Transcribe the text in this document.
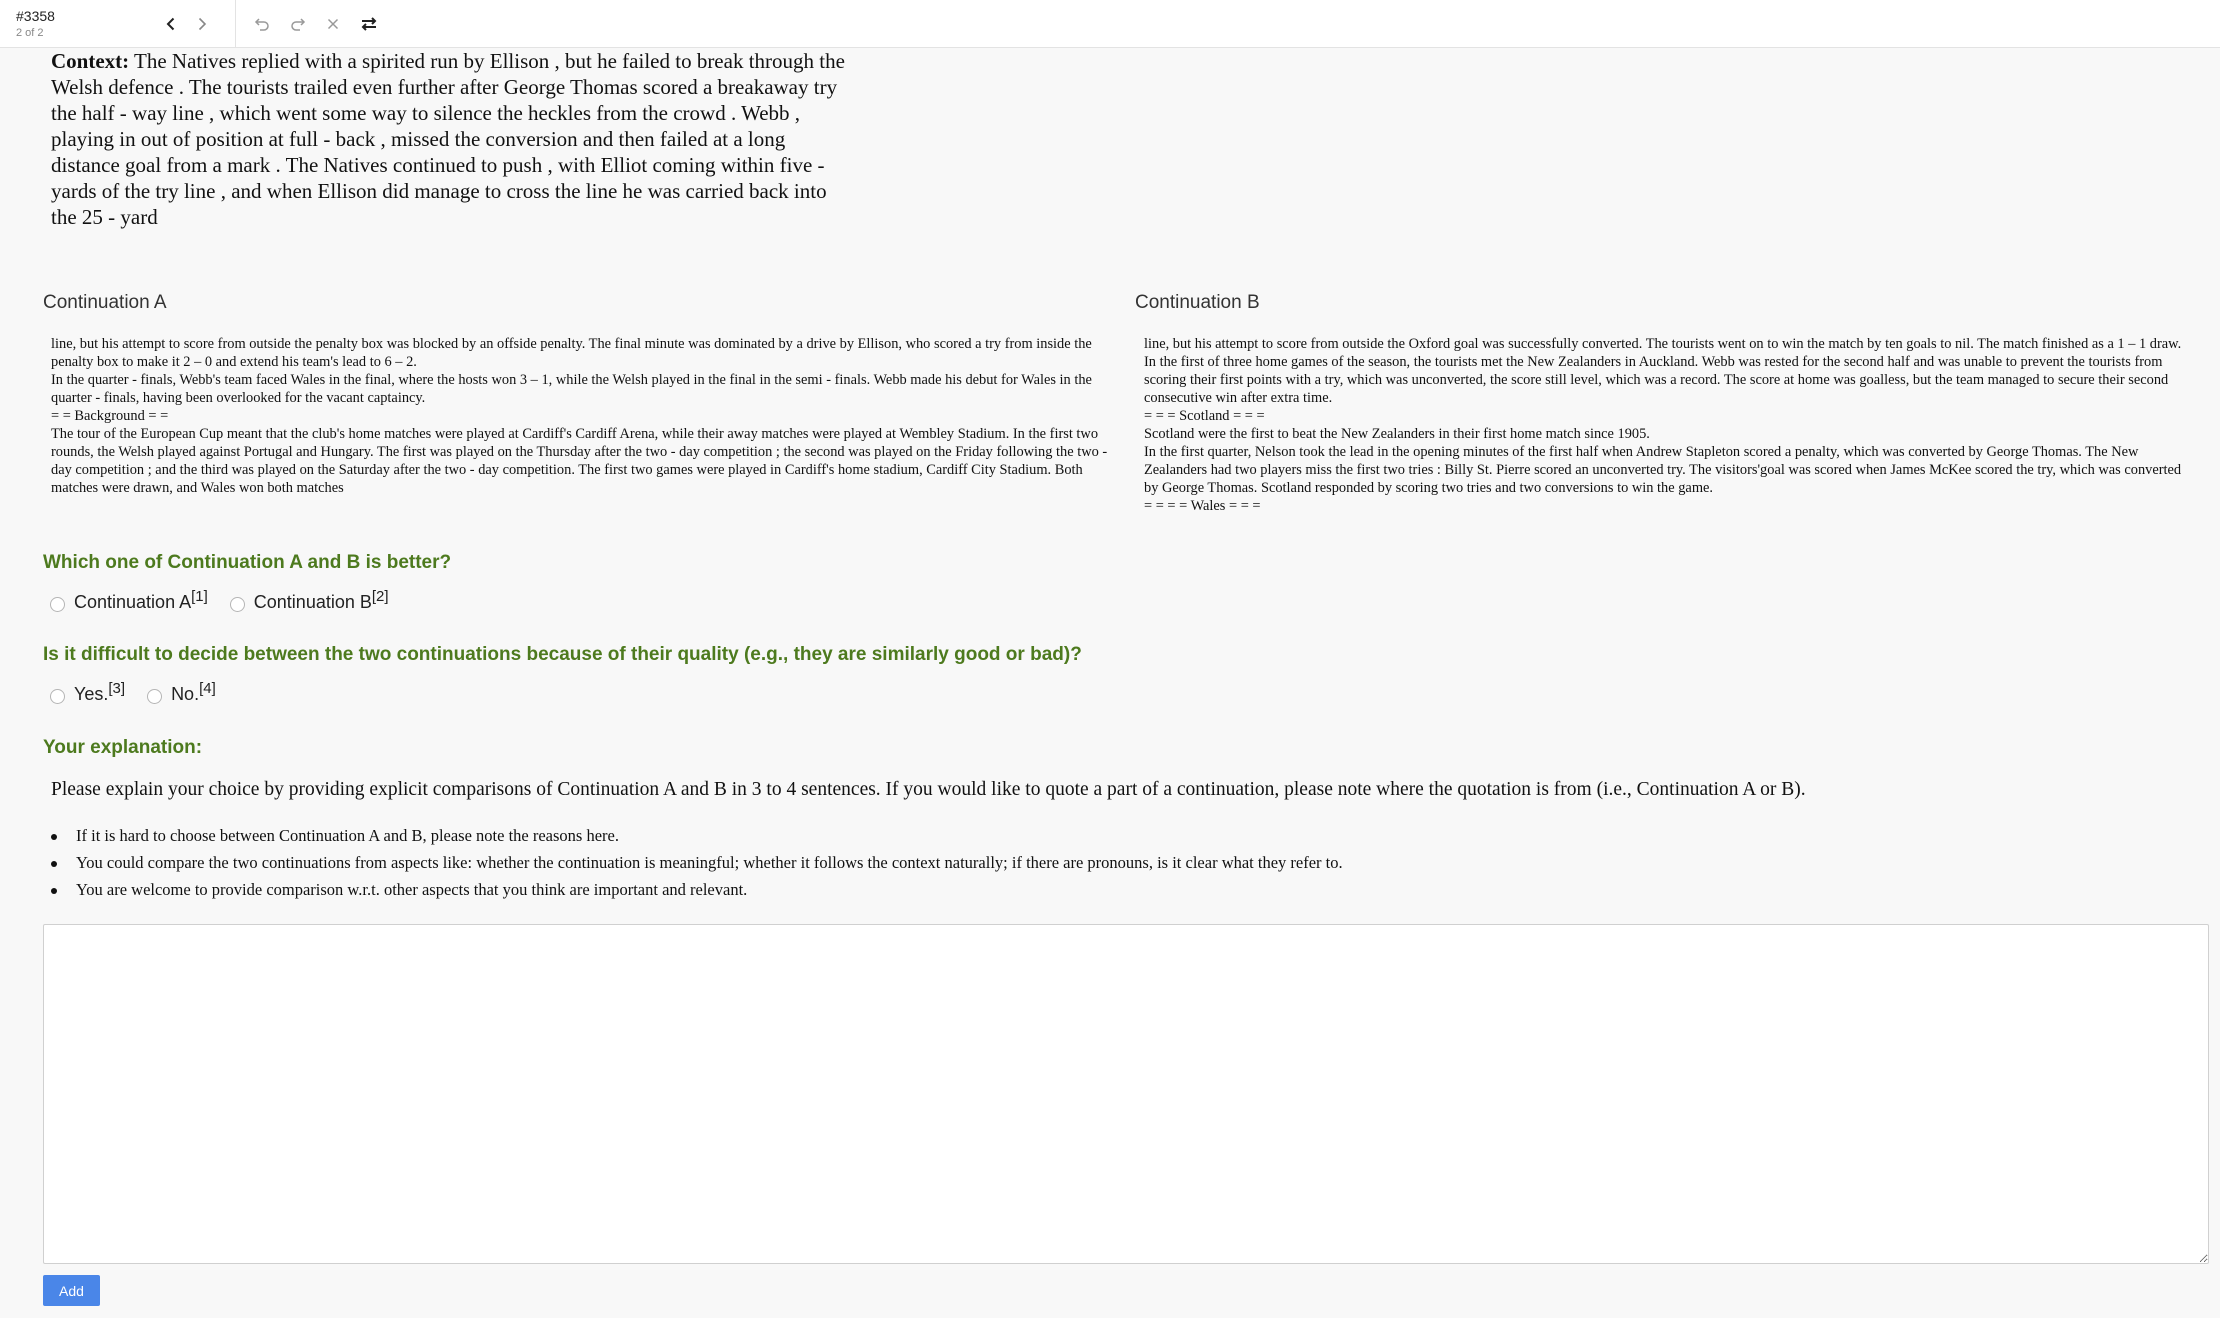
#3358
2 of 2
Context: The Natives replied with a spirited run by Ellison , but he failed to break through the Welsh defence . The tourists trailed even further after George Thomas scored a breakaway try the half - way line , which went some way to silence the heckles from the crowd . Webb , playing in out of position at full - back , missed the conversion and then failed at a long distance goal from a mark . The Natives continued to push , with Elliot coming within five - yards of the try line , and when Ellison did manage to cross the line he was carried back into the 25 - yard
Continuation A

line, but his attempt to score from outside the penalty box was blocked by an offside penalty. The final minute was dominated by a drive by Ellison, who scored a try from inside the penalty box to make it 2 – 0 and extend his team's lead to 6 – 2.

In the quarter - finals, Webb's team faced Wales in the final, where the hosts won 3 – 1, while the Welsh played in the final in the semi - finals. Webb made his debut for Wales in the quarter - finals, having been overlooked for the vacant captaincy.

= = Background = =

The tour of the European Cup meant that the club's home matches were played at Cardiff's Cardiff Arena, while their away matches were played at Wembley Stadium. In the first two rounds, the Welsh played against Portugal and Hungary. The first was played on the Thursday after the two - day competition ; the second was played on the Friday following the two - day competition ; and the third was played on the Saturday after the two - day competition. The first two games were played in Cardiff's home stadium, Cardiff City Stadium. Both matches were drawn, and Wales won both matches

Continuation B

line, but his attempt to score from outside the Oxford goal was successfully converted. The tourists went on to win the match by ten goals to nil. The match finished as a 1 – 1 draw.

In the first of three home games of the season, the tourists met the New Zealanders in Auckland. Webb was rested for the second half and was unable to prevent the tourists from scoring their first points with a try, which was unconverted, the score still level, which was a record. The score at home was goalless, but the team managed to secure their second consecutive win after extra time.

= = = Scotland = = =

Scotland were the first to beat the New Zealanders in their first home match since 1905.

In the first quarter, Nelson took the lead in the opening minutes of the first half when Andrew Stapleton scored a penalty, which was converted by George Thomas. The New Zealanders had two players miss the first two tries : Billy St. Pierre scored an unconverted try. The visitors'goal was scored when James McKee scored the try, which was converted by George Thomas. Scotland responded by scoring two tries and two conversions to win the game.

= = = = Wales = = =

Which one of Continuation A and B is better?
Continuation A[1]	Continuation B[2]
Is it difficult to decide between the two continuations because of their quality (e.g., they are similarly good or bad)?
Yes.[3]	No.[4]
Your explanation:
Please explain your choice by providing explicit comparisons of Continuation A and B in 3 to 4 sentences. If you would like to quote a part of a continuation, please note where the quotation is from (i.e., Continuation A or B).
If it is hard to choose between Continuation A and B, please note the reasons here.
You could compare the two continuations from aspects like: whether the continuation is meaningful; whether it follows the context naturally; if there are pronouns, is it clear what they refer to.
You are welcome to provide comparison w.r.t. other aspects that you think are important and relevant.
Add
